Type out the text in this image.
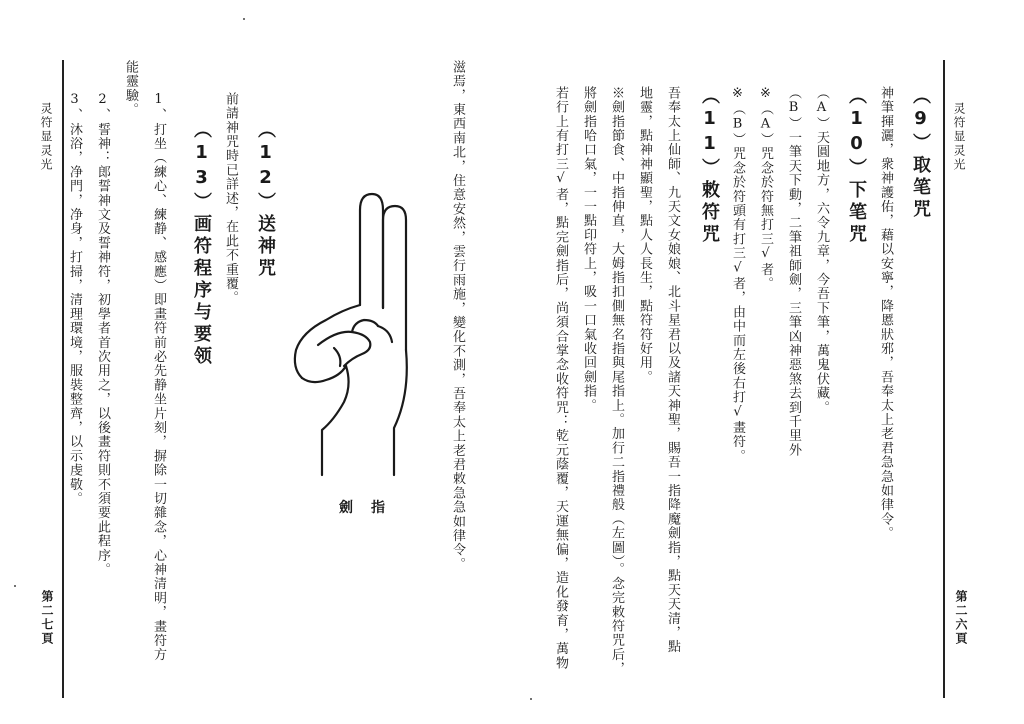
灵符显灵光
第二六頁
（9）取笔咒
神筆揮灑，衆神護佑，藉以安寧，降慝狀邪，吾奉太上老君急急如律令。
（10）下笔咒
（A）天圓地方，六令九章，今吾下筆，萬鬼伏藏。
（B）一筆天下動，二筆祖師劍，三筆凶神惡煞去到千里外
※（A）咒念於符無打三√者。
※（B）咒念於符頭有打三√者，由中而左後右打√畫符。
（11）敕符咒
吾奉太上仙師、九天文女娘娘、北斗星君以及諸天神聖，賜吾一指降魔劍指，點天天清，點
地靈，點神神顯聖，點人人長生，點符符好用。
※劍指節食、中指伸直，大姆指扣側無名指與尾指上。加行二指禮般（左圖）。念完敕符咒后，
將劍指哈口氣，一一點印符上，吸一口氣收回劍指。
若行上有打三√者，點完劍指后，尚須合掌念收符咒：乾元蔭覆，天運無偏，造化發育，萬物
滋焉，東西南北，住意安然，雲行雨施，變化不測，吾奉太上老君敕急急如律令。
劍 指
（12）送神咒
前請神咒時已詳述，在此不重覆。
（13）画符程序与要领
1、打坐（練心、練静、感應）即畫符前必先静坐片刻，摒除一切雜念，心神清明，畫符方
能靈驗。
2、誓神：郎誓神文及誓神符，初學者首次用之，以後畫符則不須要此程序。
3、沐浴，净門，净身，打掃，清理環境，服裝整齊，以示虔敬。
灵符显灵光
第二七頁
